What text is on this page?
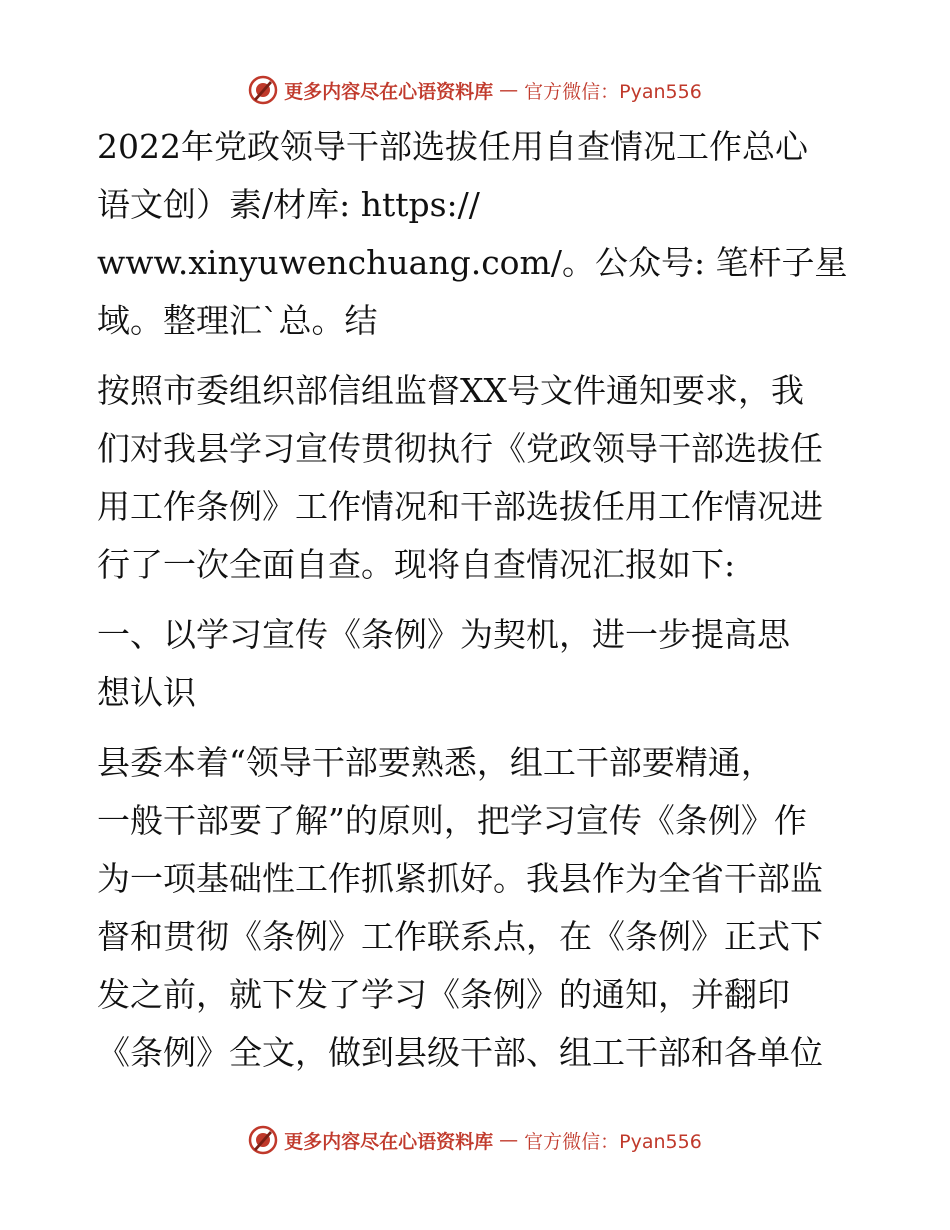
更多内容尽在心语资料库 — 官方微信：Pyan556
2022年党政领导干部选拔任用自查情况工作总心
语文创）素/材库: https://
www.xinyuwenchuang.com/。公众号: 笔杆子星
域。整理汇`总。结
按照市委组织部信组监督XX号文件通知要求，我
们对我县学习宣传贯彻执行《党政领导干部选拔任
用工作条例》工作情况和干部选拔任用工作情况进
行了一次全面自查。现将自查情况汇报如下:
一、以学习宣传《条例》为契机，进一步提高思
想认识
县委本着“领导干部要熟悉，组工干部要精通，
一般干部要了解”的原则，把学习宣传《条例》作
为一项基础性工作抓紧抓好。我县作为全省干部监
督和贯彻《条例》工作联系点，在《条例》正式下
发之前，就下发了学习《条例》的通知，并翻印
《条例》全文，做到县级干部、组工干部和各单位
更多内容尽在心语资料库 — 官方微信：Pyan556
